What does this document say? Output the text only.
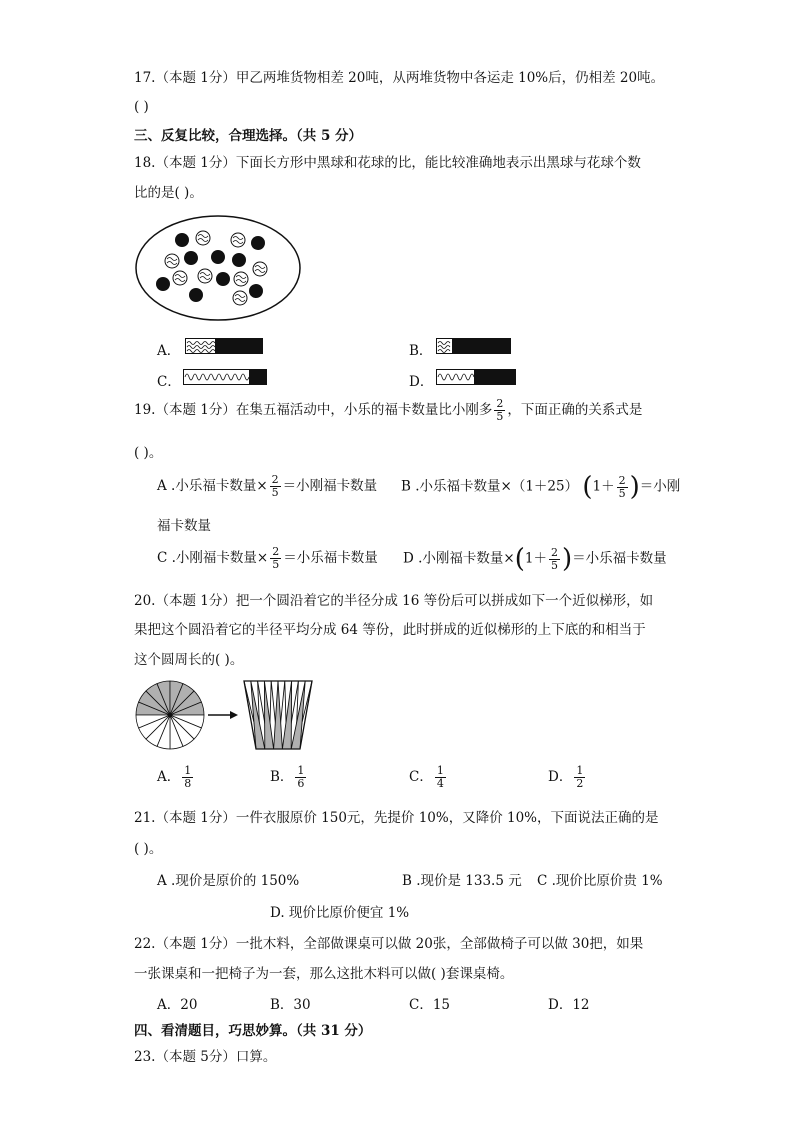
17.（本题 1分）甲乙两堆货物相差 20吨，从两堆货物中各运走 10%后，仍相差 20吨。
( )
三、反复比较，合理选择。（共 5 分）
18.（本题 1分）下面长方形中黑球和花球的比，能比较准确地表示出黑球与花球个数
比的是( )。
A．	B．
C．	D．
19.（本题 1分）在集五福活动中，小乐的福卡数量比小刚多 $\frac{2}{5}$ ，下面正确的关系式是
( )。
A .小乐福卡数量× $\frac{2}{5}$ ＝小刚福卡数量 B .小乐福卡数量×（1＋25） ($1+ \frac{2}{5}$ )＝小刚
福卡数量
C .小刚福卡数量× $\frac{2}{5}$ ＝小乐福卡数量 D .小刚福卡数量$\times(1+ \frac{2}{5}$ )＝小乐福卡数量
20.（本题 1分）把一个圆沿着它的半径分成 16 等份后可以拼成如下一个近似梯形，如
果把这个圆沿着它的半径平均分成 64 等份，此时拼成的近似梯形的上下底的和相当于
这个圆周长的( )。
A． $\frac{1}{8}$	B． $\frac{1}{6}$	C． $\frac{1}{4}$	D． $\frac{1}{2}$
21.（本题 1分）一件衣服原价 150元，先提价 10%，又降价 10%，下面说法正确的是
( )。
A .现价是原价的 150%	B .现价是 133.5 元 C .现价比原价贵 1%
D. 现价比原价便宜 1%
22.（本题 1分）一批木料，全部做课桌可以做 20张，全部做椅子可以做 30把，如果
一张课桌和一把椅子为一套，那么这批木料可以做( )套课桌椅。
A．20	B．30	C．15	D．12
四、看清题目，巧思妙算。（共 31 分）
23.（本题 5分）口算。
